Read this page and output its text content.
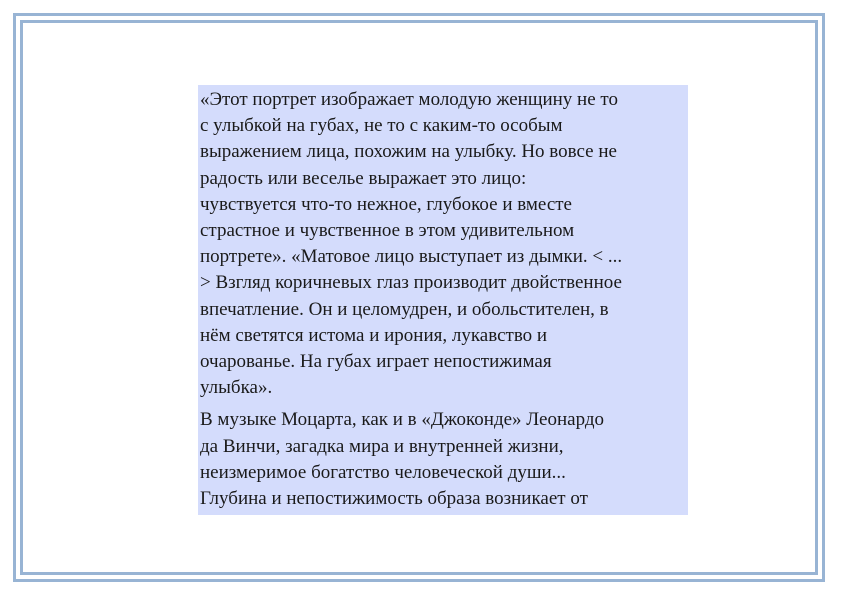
«Этот портрет изображает молодую женщину не то
с улыбкой на губах, не то с каким-то особым
выражением лица, похожим на улыбку. Но вовсе не
радость или веселье выражает это лицо:
чувствуется что-то нежное, глубокое и вместе
страстное и чувственное в этом удивительном
портрете». «Матовое лицо выступает из дымки. < ...
> Взгляд коричневых глаз производит двойственное
впечатление. Он и целомудрен, и обольстителен, в
нём светятся истома и ирония, лукавство и
очарованье. На губах играет непостижимая
улыбка».

В музыке Моцарта, как и в «Джоконде» Леонардо
да Винчи, загадка мира и внутренней жизни,
неизмеримое богатство человеческой души...
Глубина и непостижимость образа возникает от
